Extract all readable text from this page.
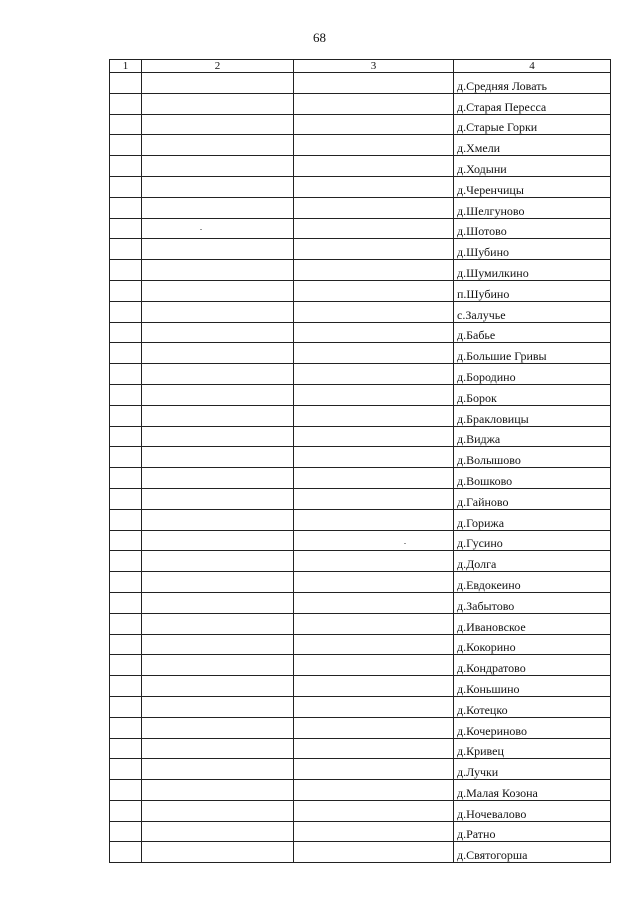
68
1	2	3	4
			д.Средняя Ловать
			д.Старая Пересса
			д.Старые Горки
			д.Хмели
			д.Ходыни
			д.Черенчицы
			д.Шелгуново
			д.Шотово
			д.Шубино
			д.Шумилкино
			п.Шубино
			с.Залучье
			д.Бабье
			д.Большие Гривы
			д.Бородино
			д.Борок
			д.Бракловицы
			д.Виджа
			д.Волышово
			д.Вошково
			д.Гайново
			д.Горижа
			д.Гусино
			д.Долга
			д.Евдокеино
			д.Забытово
			д.Ивановское
			д.Кокорино
			д.Кондратово
			д.Коньшино
			д.Котецко
			д.Кочериново
			д.Кривец
			д.Лучки
			д.Малая Козона
			д.Ночевалово
			д.Ратно
			д.Святогорша
